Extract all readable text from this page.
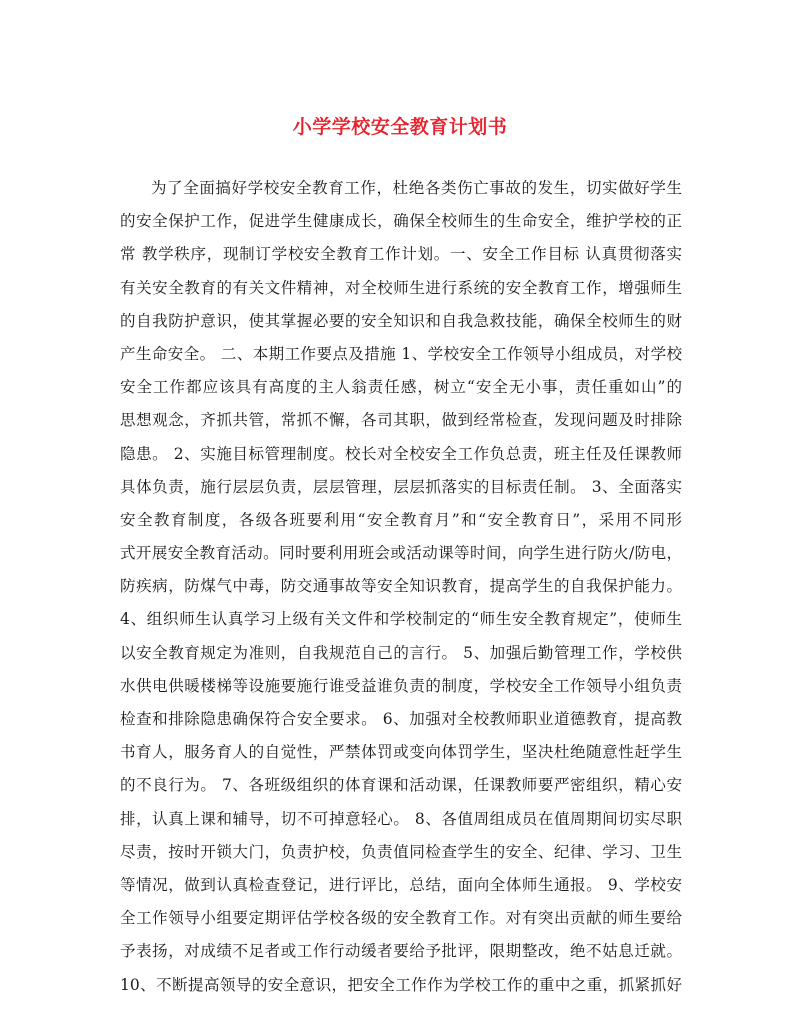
小学学校安全教育计划书
为了全面搞好学校安全教育工作，杜绝各类伤亡事故的发生，切实做好学生
的安全保护工作，促进学生健康成长，确保全校师生的生命安全，维护学校的正
常 教学秩序，现制订学校安全教育工作计划。一、安全工作目标 认真贯彻落实
有关安全教育的有关文件精神，对全校师生进行系统的安全教育工作，增强师生
的自我防护意识，使其掌握必要的安全知识和自我急救技能，确保全校师生的财
产生命安全。 二、本期工作要点及措施 1、学校安全工作领导小组成员，对学校
安全工作都应该具有高度的主人翁责任感，树立“安全无小事，责任重如山”的
思想观念，齐抓共管，常抓不懈，各司其职，做到经常检查，发现问题及时排除
隐患。 2、实施目标管理制度。校长对全校安全工作负总责，班主任及任课教师
具体负责，施行层层负责，层层管理，层层抓落实的目标责任制。 3、全面落实
安全教育制度，各级各班要利用“安全教育月”和“安全教育日”，采用不同形
式开展安全教育活动。同时要利用班会或活动课等时间，向学生进行防火/防电，
防疾病，防煤气中毒，防交通事故等安全知识教育，提高学生的自我保护能力。
4、组织师生认真学习上级有关文件和学校制定的“师生安全教育规定”，使师生
以安全教育规定为准则，自我规范自己的言行。 5、加强后勤管理工作，学校供
水供电供暖楼梯等设施要施行谁受益谁负责的制度，学校安全工作领导小组负责
检查和排除隐患确保符合安全要求。 6、加强对全校教师职业道德教育，提高教
书育人，服务育人的自觉性，严禁体罚或变向体罚学生，坚决杜绝随意性赶学生
的不良行为。 7、各班级组织的体育课和活动课，任课教师要严密组织，精心安
排，认真上课和辅导，切不可掉意轻心。 8、各值周组成员在值周期间切实尽职
尽责，按时开锁大门，负责护校，负责值同检查学生的安全、纪律、学习、卫生
等情况，做到认真检查登记，进行评比，总结，面向全体师生通报。 9、学校安
全工作领导小组要定期评估学校各级的安全教育工作。对有突出贡献的师生要给
予表扬，对成绩不足者或工作行动缓者要给予批评，限期整改，绝不姑息迁就。
10、不断提高领导的安全意识，把安全工作作为学校工作的重中之重，抓紧抓好
